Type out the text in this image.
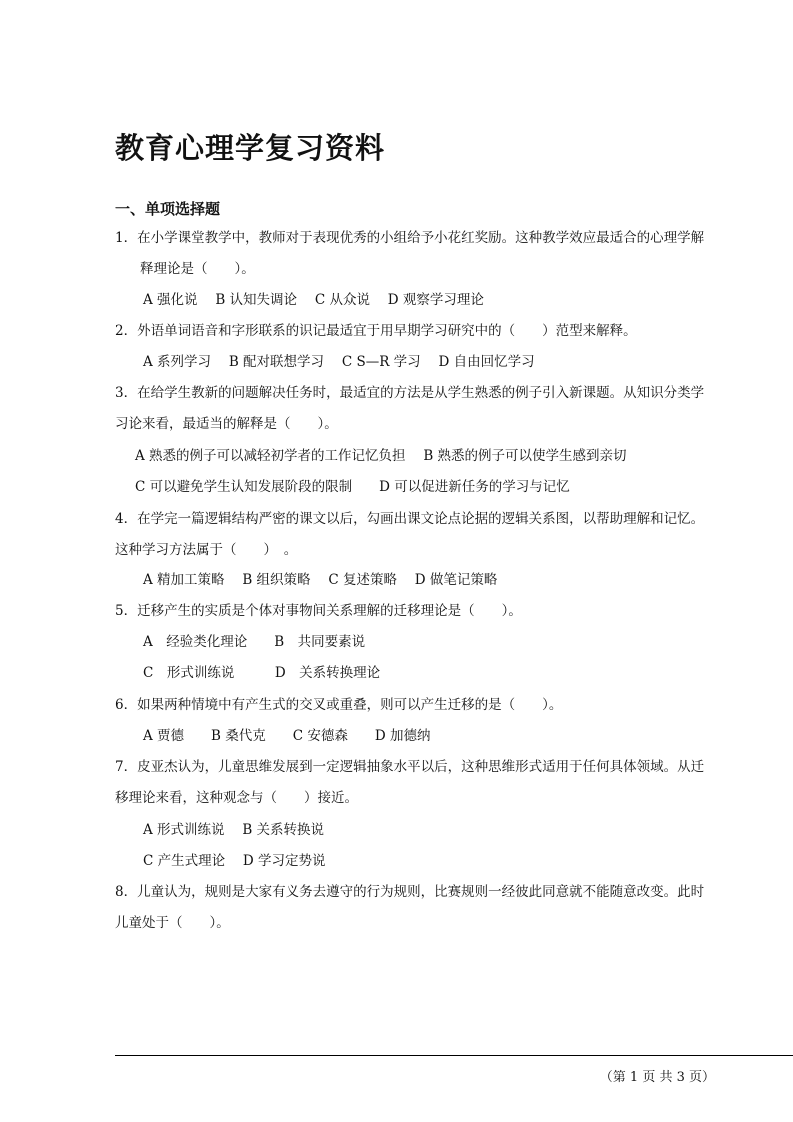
教育心理学复习资料
一、单项选择题
1．在小学课堂教学中，教师对于表现优秀的小组给予小花红奖励。这种教学效应最适合的心理学解
释理论是（　　）。
A 强化说　 B 认知失调论　 C 从众说　 D 观察学习理论
2．外语单词语音和字形联系的识记最适宜于用早期学习研究中的（　　）范型来解释。
A 系列学习　 B 配对联想学习　 C S—R 学习　 D 自由回忆学习
3．在给学生教新的问题解决任务时，最适宜的方法是从学生熟悉的例子引入新课题。从知识分类学
习论来看，最适当的解释是（　　）。
A 熟悉的例子可以减轻初学者的工作记忆负担　 B 熟悉的例子可以使学生感到亲切
C 可以避免学生认知发展阶段的限制　　D 可以促进新任务的学习与记忆
4．在学完一篇逻辑结构严密的课文以后，勾画出课文论点论据的逻辑关系图，以帮助理解和记忆。
这种学习方法属于（　　）　。
A 精加工策略　 B 组织策略　 C 复述策略　 D 做笔记策略
5．迁移产生的实质是个体对事物间关系理解的迁移理论是（　　）。
A　经验类化理论　　B　共同要素说
C　形式训练说　　　D　关系转换理论
6．如果两种情境中有产生式的交叉或重叠，则可以产生迁移的是（　　）。
A 贾德　　B 桑代克　　C 安德森　　D 加德纳
7．皮亚杰认为，儿童思维发展到一定逻辑抽象水平以后，这种思维形式适用于任何具体领域。从迁
移理论来看，这种观念与（　　）接近。
A 形式训练说　 B 关系转换说
C 产生式理论　 D 学习定势说
8．儿童认为，规则是大家有义务去遵守的行为规则，比赛规则一经彼此同意就不能随意改变。此时
儿童处于（　　）。
（第 1 页 共 3 页）
